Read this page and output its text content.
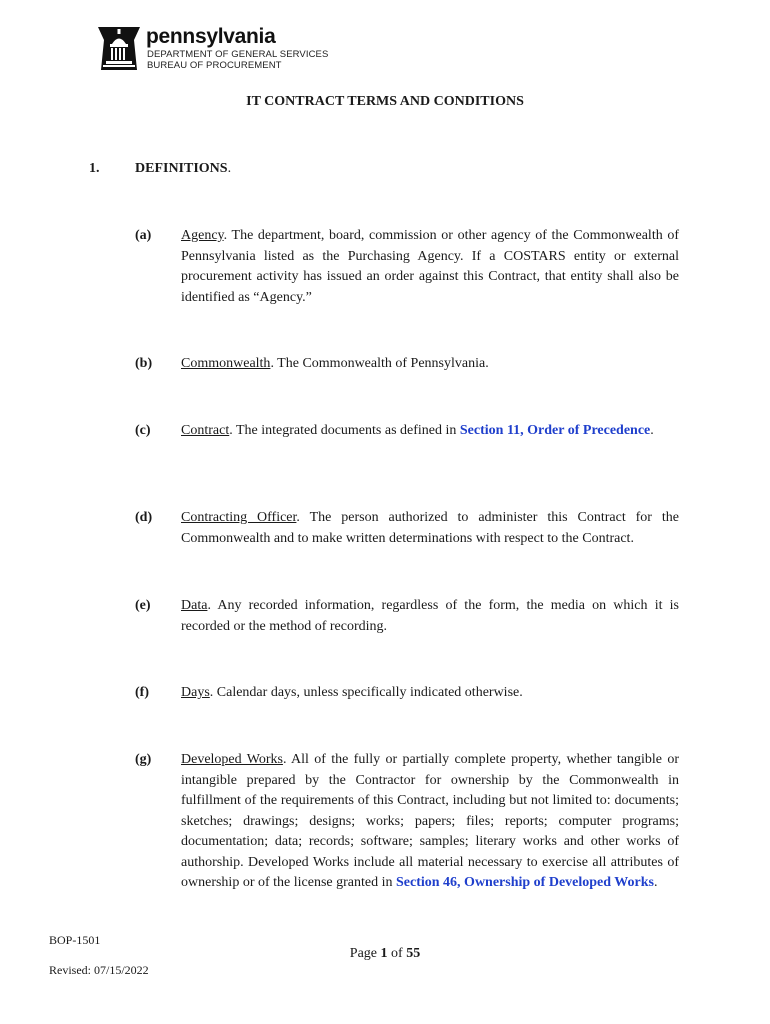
pennsylvania
DEPARTMENT OF GENERAL SERVICES
BUREAU OF PROCUREMENT
IT CONTRACT TERMS AND CONDITIONS
1.	DEFINITIONS.
(a) Agency. The department, board, commission or other agency of the Commonwealth of Pennsylvania listed as the Purchasing Agency. If a COSTARS entity or external procurement activity has issued an order against this Contract, that entity shall also be identified as “Agency.”
(b) Commonwealth. The Commonwealth of Pennsylvania.
(c) Contract. The integrated documents as defined in Section 11, Order of Precedence.
(d) Contracting Officer. The person authorized to administer this Contract for the Commonwealth and to make written determinations with respect to the Contract.
(e) Data. Any recorded information, regardless of the form, the media on which it is recorded or the method of recording.
(f) Days. Calendar days, unless specifically indicated otherwise.
(g) Developed Works. All of the fully or partially complete property, whether tangible or intangible prepared by the Contractor for ownership by the Commonwealth in fulfillment of the requirements of this Contract, including but not limited to: documents; sketches; drawings; designs; works; papers; files; reports; computer programs; documentation; data; records; software; samples; literary works and other works of authorship. Developed Works include all material necessary to exercise all attributes of ownership or of the license granted in Section 46, Ownership of Developed Works.
BOP-1501
Revised: 07/15/2022
Page 1 of 55
